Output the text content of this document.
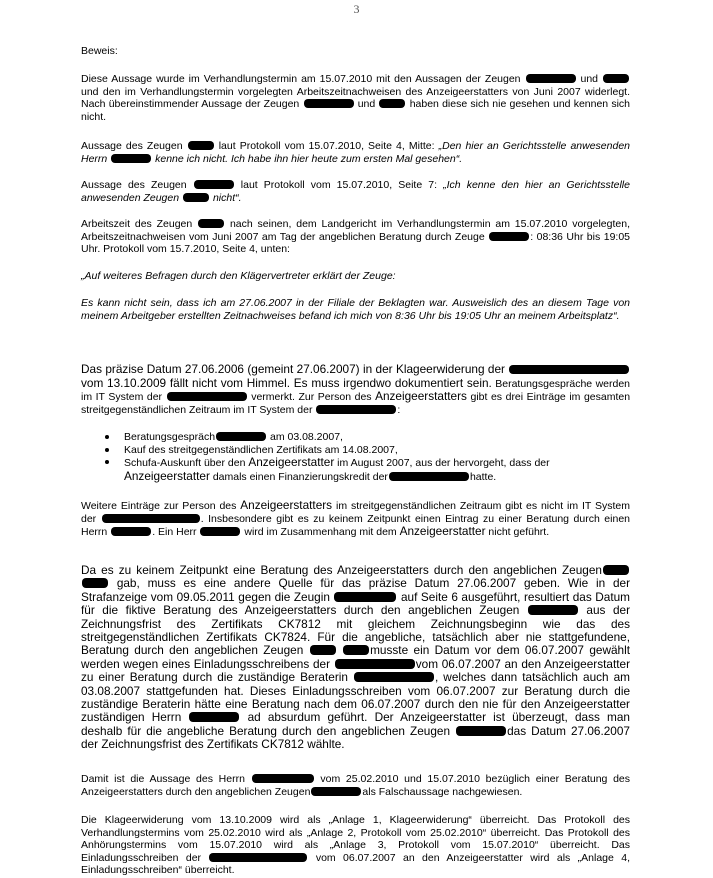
3

Beweis:

Diese Aussage wurde im Verhandlungstermin am 15.07.2010 mit den Aussagen der Zeugen	und  und den im Verhandlungstermin vorgelegten Arbeitszeitnachweisen des Anzeigeerstatters von Juni 2007 widerlegt. Nach übereinstimmender Aussage der Zeugen	und	haben diese sich nie gesehen und kennen sich nicht.

Aussage des Zeugen	laut Protokoll vom 15.07.2010, Seite 4, Mitte: „Den hier an Gerichtsstelle anwesenden Herrn	kenne ich nicht. Ich habe ihn hier heute zum ersten Mal gesehen“.

Aussage des Zeugen	laut Protokoll vom 15.07.2010, Seite 7: „Ich kenne den hier an Gerichtsstelle anwesenden Zeugen	nicht“.

Arbeitszeit des Zeugen	nach seinen, dem Landgericht im Verhandlungstermin am 15.07.2010 vorgelegten, Arbeitszeitnachweisen vom Juni 2007 am Tag der angeblichen Beratung durch Zeuge	: 08:36 Uhr bis 19:05 Uhr. Protokoll vom 15.7.2010, Seite 4, unten:

„Auf weiteres Befragen durch den Klägervertreter erklärt der Zeuge:

Es kann nicht sein, dass ich am 27.06.2007 in der Filiale der Beklagten war. Ausweislich des an diesem Tage von meinem Arbeitgeber erstellten Zeitnachweises befand ich mich von 8:36 Uhr bis 19:05 Uhr an meinem Arbeitsplatz“.

Das präzise Datum 27.06.2006 (gemeint 27.06.2007) in der Klageerwiderung der  vom 13.10.2009 fällt nicht vom Himmel. Es muss irgendwo dokumentiert sein. Beratungsgespräche werden im IT System der	vermerkt. Zur Person des Anzeigeerstatters gibt es drei Einträge im gesamten streitgegenständlichen Zeitraum im IT System der	:

Beratungsgespräch	am 03.08.2007,
Kauf des streitgegenständlichen Zertifikats am 14.08.2007,
Schufa-Auskunft über den Anzeigeerstatter im August 2007, aus der hervorgeht, dass der Anzeigeerstatter damals einen Finanzierungskredit der	hatte.

Weitere Einträge zur Person des Anzeigeerstatters im streitgegenständlichen Zeitraum gibt es nicht im IT System der	. Insbesondere gibt es zu keinem Zeitpunkt einen Eintrag zu einer Beratung durch einen Herrn	. Ein Herr	wird im Zusammenhang mit dem Anzeigeerstatter nicht geführt.

Da es zu keinem Zeitpunkt eine Beratung des Anzeigeerstatters durch den angeblichen Zeugen  gab, muss es eine andere Quelle für das präzise Datum 27.06.2007 geben. Wie in der Strafanzeige vom 09.05.2011 gegen die Zeugin	auf Seite 6 ausgeführt, resultiert das Datum für die fiktive Beratung des Anzeigeerstatters durch den angeblichen Zeugen	aus der Zeichnungsfrist des Zertifikats CK7812 mit gleichem Zeichnungsbeginn wie das des streitgegenständlichen Zertifikats CK7824. Für die angebliche, tatsächlich aber nie stattgefundene, Beratung durch den angeblichen Zeugen	musste ein Datum vor dem 06.07.2007 gewählt werden wegen eines Einladungsschreibens der	vom 06.07.2007 an den Anzeigeerstatter zu einer Beratung durch die zuständige Beraterin	, welches dann tatsächlich auch am 03.08.2007 stattgefunden hat. Dieses Einladungsschreiben vom 06.07.2007 zur Beratung durch die zuständige Beraterin hätte eine Beratung nach dem 06.07.2007 durch den nie für den Anzeigeerstatter zuständigen Herrn	ad absurdum geführt. Der Anzeigeerstatter ist überzeugt, dass man deshalb für die angebliche Beratung durch den angeblichen Zeugen	das Datum 27.06.2007 der Zeichnungsfrist des Zertifikats CK7812 wählte.

Damit ist die Aussage des Herrn	vom 25.02.2010 und 15.07.2010 bezüglich einer Beratung des Anzeigeerstatters durch den angeblichen Zeugen	als Falschaussage nachgewiesen.

Die Klageerwiderung vom 13.10.2009 wird als „Anlage 1, Klageerwiderung“ überreicht. Das Protokoll des Verhandlungstermins vom 25.02.2010 wird als „Anlage 2, Protokoll vom 25.02.2010“ überreicht. Das Protokoll des Anhörungstermins vom 15.07.2010 wird als „Anlage 3, Protokoll vom 15.07.2010“ überreicht. Das Einladungsschreiben der	vom 06.07.2007 an den Anzeigeerstatter wird als „Anlage 4, Einladungsschreiben“ überreicht.
